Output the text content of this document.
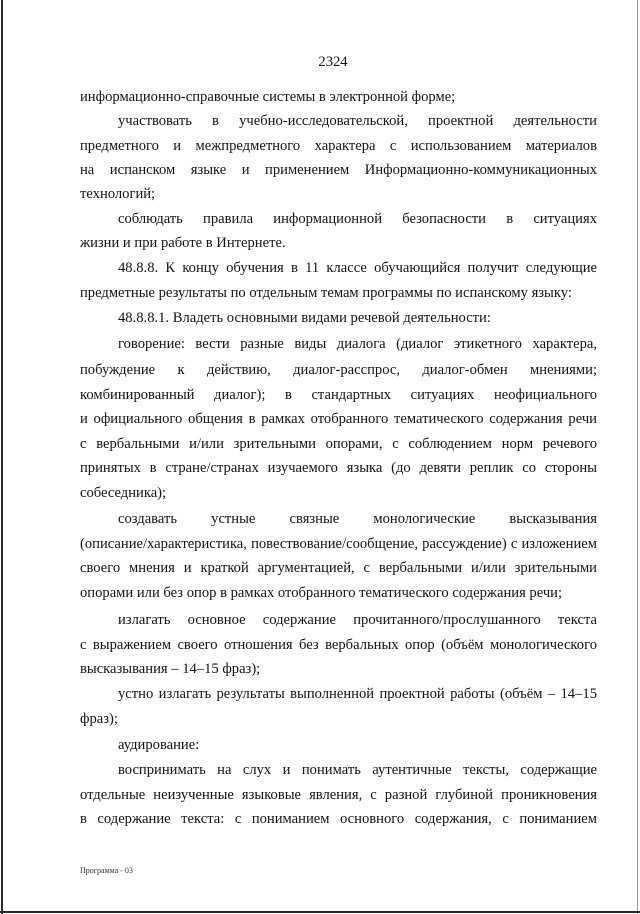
2324
информационно-справочные системы в электронной форме;
участвовать в учебно-исследовательской, проектной деятельности
предметного и межпредметного характера с использованием материалов
на испанском языке и применением Информационно-коммуникационных
технологий;
соблюдать правила информационной безопасности в ситуациях
жизни и при работе в Интернете.
48.8.8. К концу обучения в 11 классе обучающийся получит следующие
предметные результаты по отдельным темам программы по испанскому языку:
48.8.8.1. Владеть основными видами речевой деятельности:
говорение: вести разные виды диалога (диалог этикетного характера,
побуждение к действию, диалог-расспрос, диалог-обмен мнениями;
комбинированный диалог); в стандартных ситуациях неофициального
и официального общения в рамках отобранного тематического содержания речи
с вербальными и/или зрительными опорами, с соблюдением норм речевого
принятых в стране/странах изучаемого языка (до девяти реплик со стороны
собеседника);
создавать устные связные монологические высказывания
(описание/характеристика, повествование/сообщение, рассуждение) с изложением
своего мнения и краткой аргументацией, с вербальными и/или зрительными
опорами или без опор в рамках отобранного тематического содержания речи;
излагать основное содержание прочитанного/прослушанного текста
с выражением своего отношения без вербальных опор (объём монологического
высказывания – 14–15 фраз);
устно излагать результаты выполненной проектной работы (объём – 14–15
фраз);
аудирование:
воспринимать на слух и понимать аутентичные тексты, содержащие
отдельные неизученные языковые явления, с разной глубиной проникновения
в содержание текста: с пониманием основного содержания, с пониманием
Программа - 03
